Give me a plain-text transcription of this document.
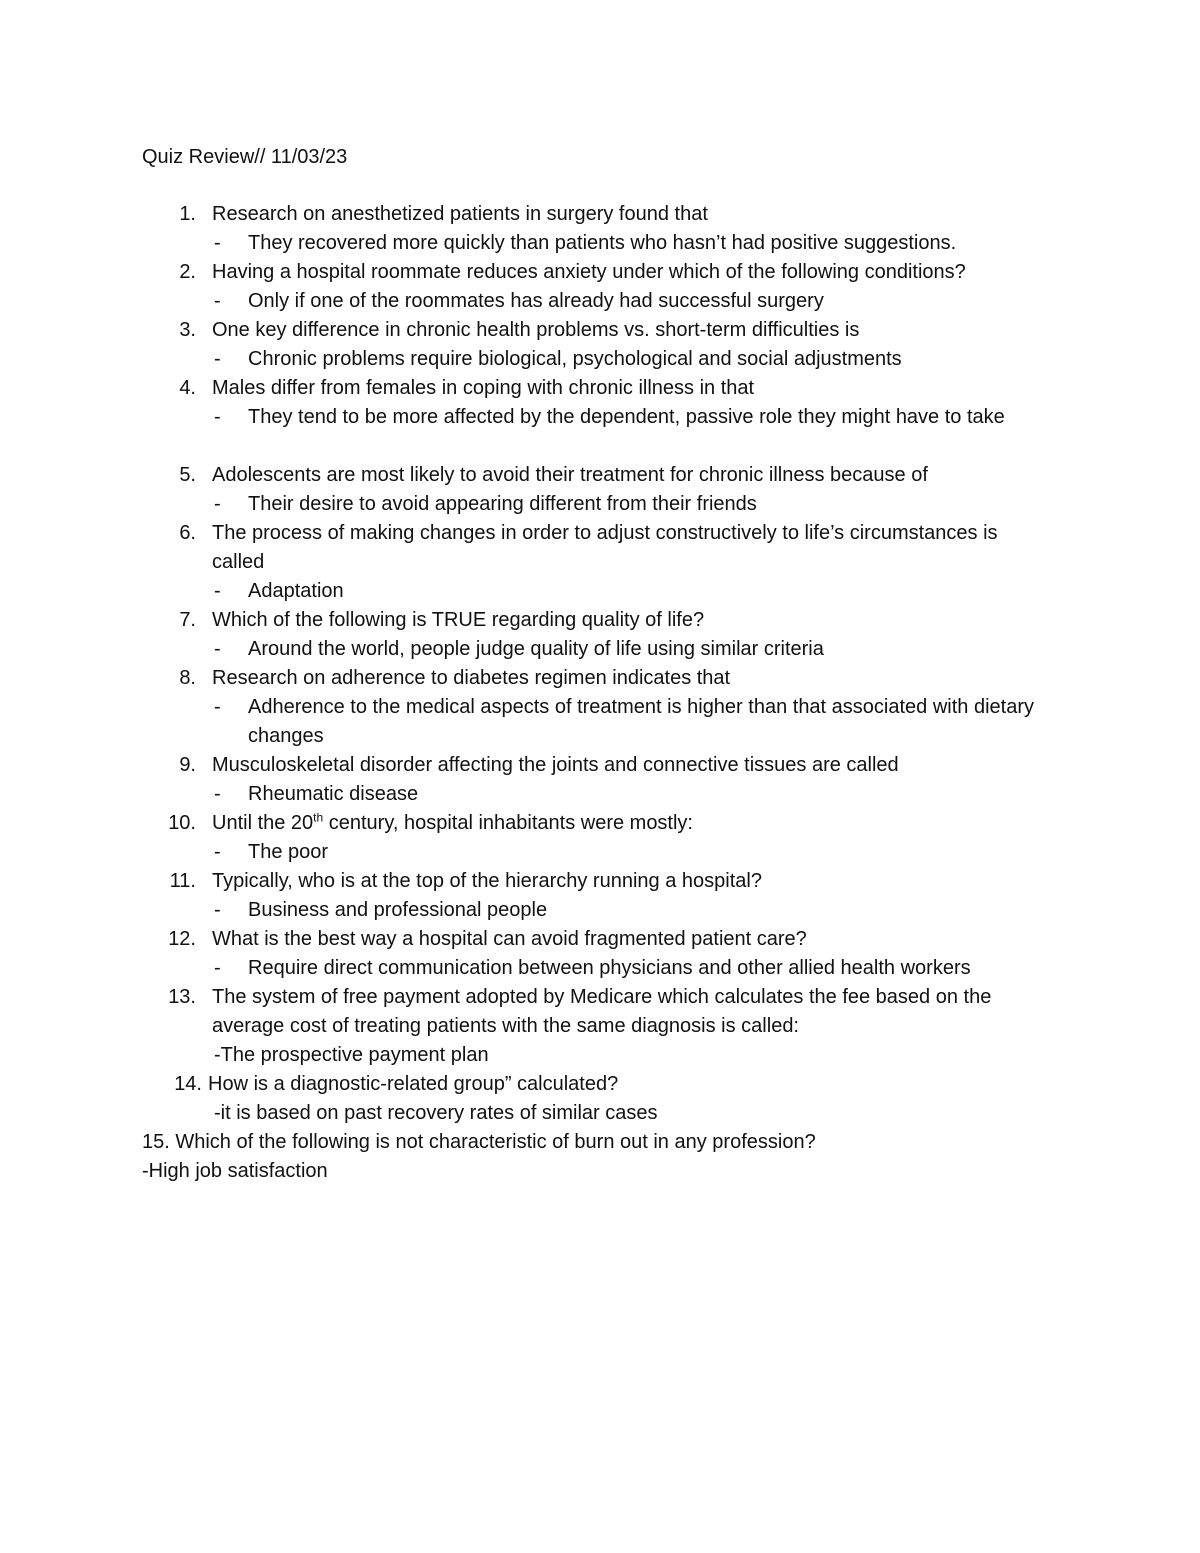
Quiz Review// 11/03/23
1. Research on anesthetized patients in surgery found that
- They recovered more quickly than patients who hasn’t had positive suggestions.
2. Having a hospital roommate reduces anxiety under which of the following conditions?
- Only if one of the roommates has already had successful surgery
3. One key difference in chronic health problems vs. short-term difficulties is
- Chronic problems require biological, psychological and social adjustments
4. Males differ from females in coping with chronic illness in that
- They tend to be more affected by the dependent, passive role they might have to take
5. Adolescents are most likely to avoid their treatment for chronic illness because of
- Their desire to avoid appearing different from their friends
6. The process of making changes in order to adjust constructively to life’s circumstances is called
- Adaptation
7. Which of the following is TRUE regarding quality of life?
- Around the world, people judge quality of life using similar criteria
8. Research on adherence to diabetes regimen indicates that
- Adherence to the medical aspects of treatment is higher than that associated with dietary changes
9. Musculoskeletal disorder affecting the joints and connective tissues are called
- Rheumatic disease
10. Until the 20th century, hospital inhabitants were mostly:
- The poor
11. Typically, who is at the top of the hierarchy running a hospital?
- Business and professional people
12. What is the best way a hospital can avoid fragmented patient care?
- Require direct communication between physicians and other allied health workers
13. The system of free payment adopted by Medicare which calculates the fee based on the average cost of treating patients with the same diagnosis is called:
-The prospective payment plan
14. How is a diagnostic-related group” calculated?
-it is based on past recovery rates of similar cases
15. Which of the following is not characteristic of burn out in any profession?
-High job satisfaction
